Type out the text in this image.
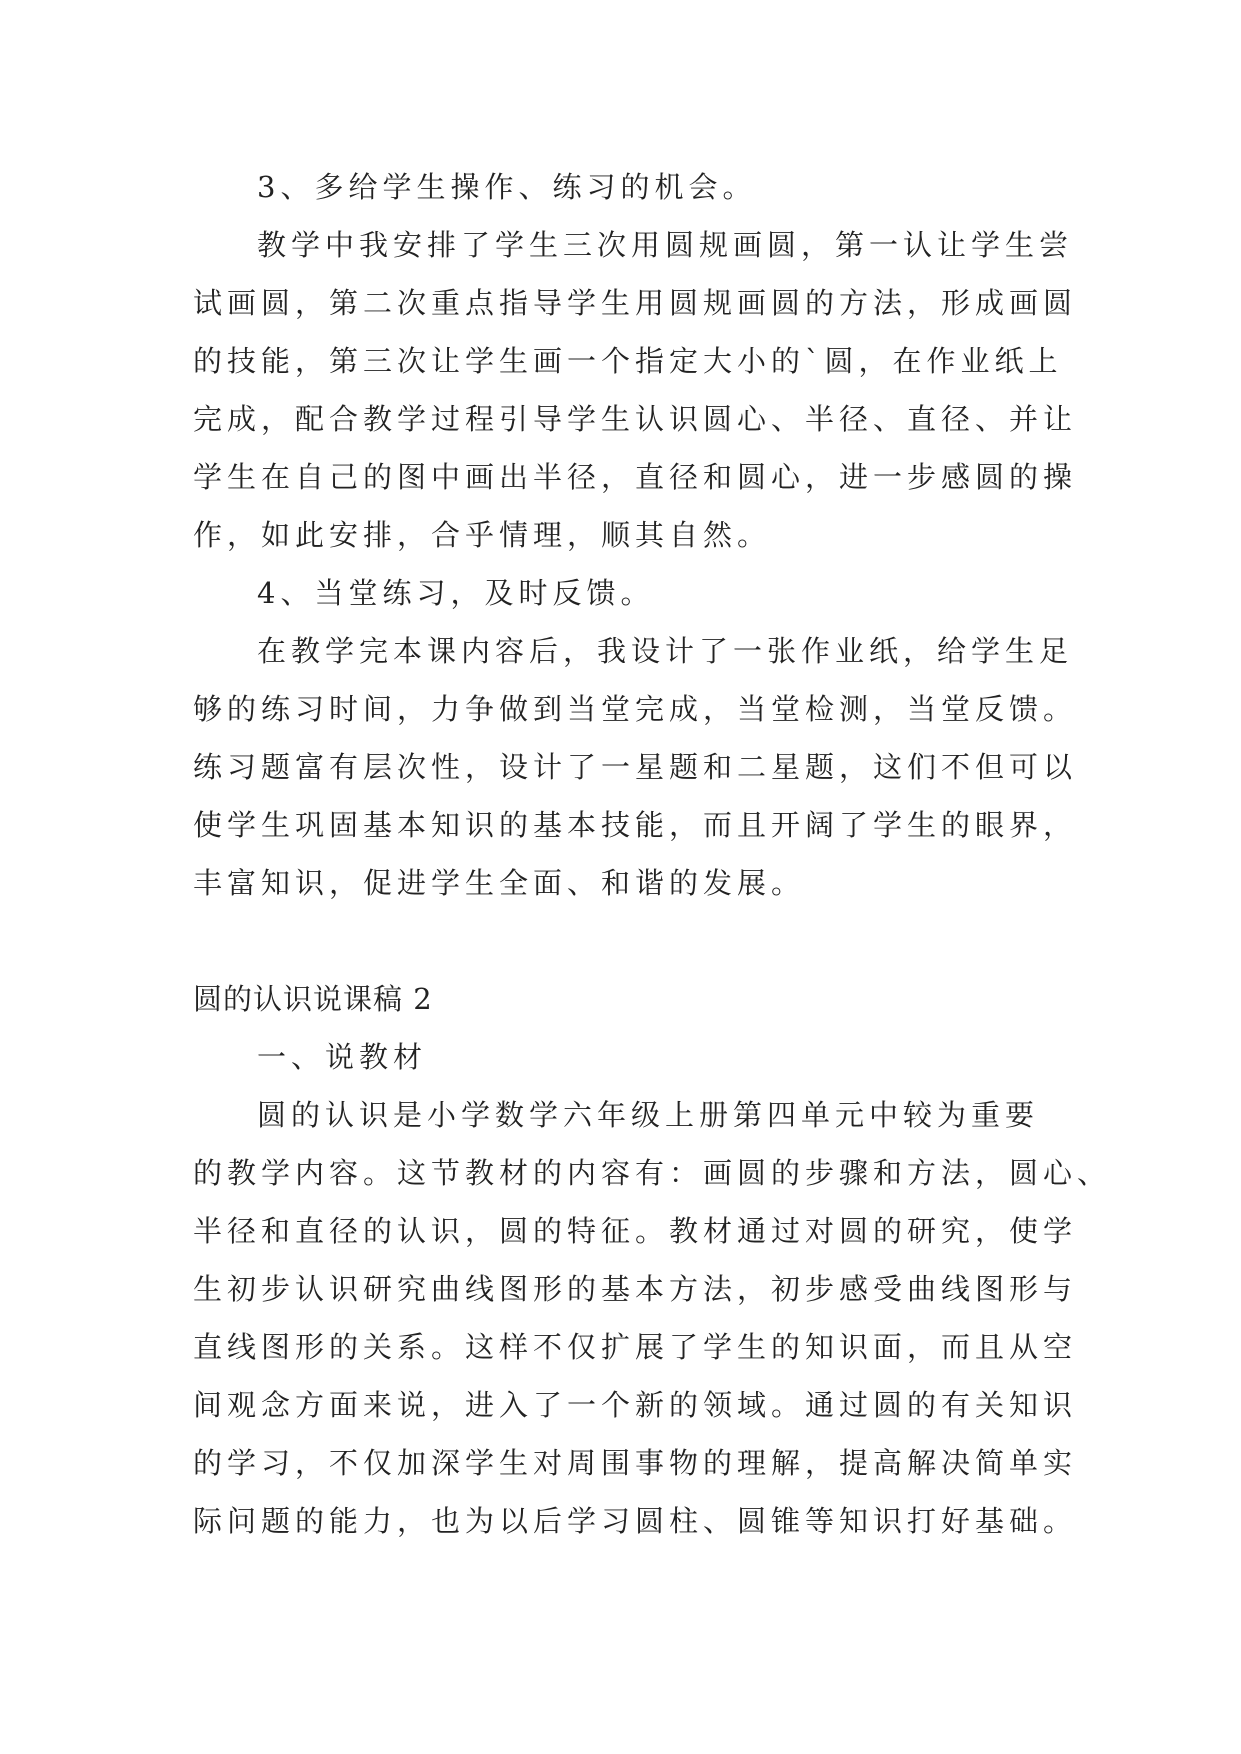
3、多给学生操作、练习的机会。

教学中我安排了学生三次用圆规画圆，第一认让学生尝

试画圆，第二次重点指导学生用圆规画圆的方法，形成画圆

的技能，第三次让学生画一个指定大小的`圆，在作业纸上

完成，配合教学过程引导学生认识圆心、半径、直径、并让

学生在自己的图中画出半径，直径和圆心，进一步感圆的操

作，如此安排，合乎情理，顺其自然。

4、当堂练习，及时反馈。

在教学完本课内容后，我设计了一张作业纸，给学生足

够的练习时间，力争做到当堂完成，当堂检测，当堂反馈。

练习题富有层次性，设计了一星题和二星题，这们不但可以

使学生巩固基本知识的基本技能，而且开阔了学生的眼界，

丰富知识，促进学生全面、和谐的发展。

圆的认识说课稿 2

一、说教材

圆的认识是小学数学六年级上册第四单元中较为重要

的教学内容。这节教材的内容有：画圆的步骤和方法，圆心、

半径和直径的认识，圆的特征。教材通过对圆的研究，使学

生初步认识研究曲线图形的基本方法，初步感受曲线图形与

直线图形的关系。这样不仅扩展了学生的知识面，而且从空

间观念方面来说，进入了一个新的领域。通过圆的有关知识

的学习，不仅加深学生对周围事物的理解，提高解决简单实

际问题的能力，也为以后学习圆柱、圆锥等知识打好基础。
